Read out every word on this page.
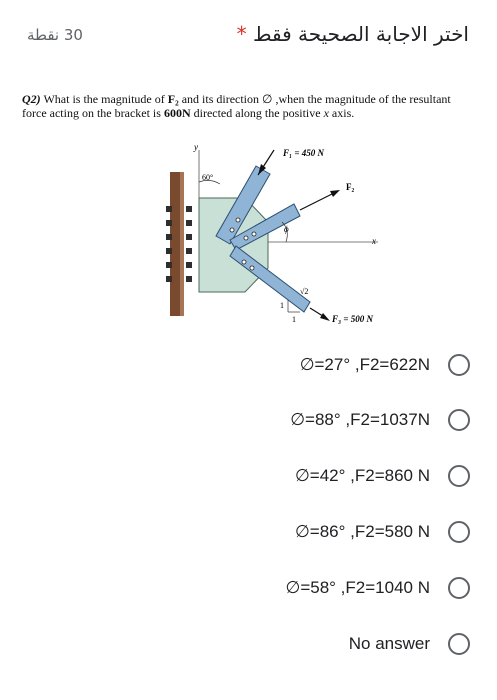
30 نقطة	اختر الاجابة الصحيحة فقط *
Q2) What is the magnitude of F₂ and its direction ∅ ,when the magnitude of the resultant force acting on the bracket is 600N directed along the positive x axis.
y
x
60°
ϕ
√2
1
1
F₁ = 450 N
F₂
F₃ = 500 N
∅=27° ,F2=622N
∅=88° ,F2=1037N
∅=42° ,F2=860 N
∅=86° ,F2=580 N
∅=58° ,F2=1040 N
No answer
